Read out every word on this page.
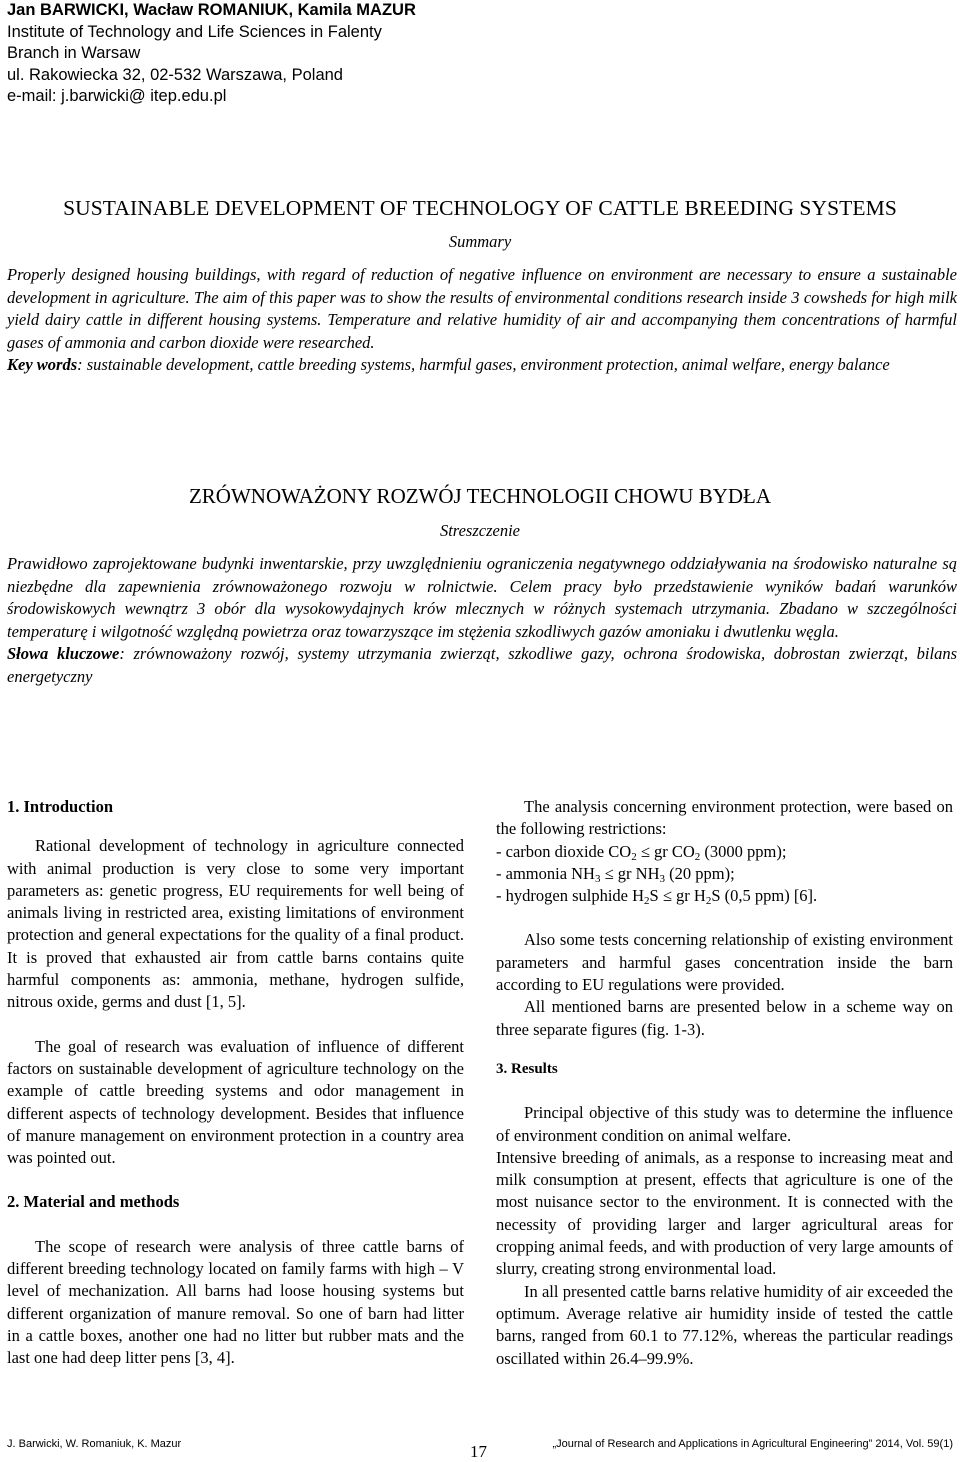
Jan BARWICKI, Wacław ROMANIUK, Kamila MAZUR
Institute of Technology and Life Sciences in Falenty
Branch in Warsaw
ul. Rakowiecka 32, 02-532 Warszawa, Poland
e-mail: j.barwicki@ itep.edu.pl
SUSTAINABLE DEVELOPMENT OF TECHNOLOGY OF CATTLE BREEDING SYSTEMS
Summary

Properly designed housing buildings, with regard of reduction of negative influence on environment are necessary to ensure a sustainable development in agriculture. The aim of this paper was to show the results of environmental conditions research inside 3 cowsheds for high milk yield dairy cattle in different housing systems. Temperature and relative humidity of air and accompanying them concentrations of harmful gases of ammonia and carbon dioxide were researched.

Key words: sustainable development, cattle breeding systems, harmful gases, environment protection, animal welfare, energy balance

ZRÓWNOWAŻONY ROZWÓJ TECHNOLOGII CHOWU BYDŁA
Streszczenie

Prawidłowo zaprojektowane budynki inwentarskie, przy uwzględnieniu ograniczenia negatywnego oddziaływania na środowisko naturalne są niezbędne dla zapewnienia zrównoważonego rozwoju w rolnictwie. Celem pracy było przedstawienie wyników badań warunków środowiskowych wewnątrz 3 obór dla wysokowydajnych krów mlecznych w różnych systemach utrzymania. Zbadano w szczególności temperaturę i wilgotność względną powietrza oraz towarzyszące im stężenia szkodliwych gazów amoniaku i dwutlenku węgla.

Słowa kluczowe: zrównoważony rozwój, systemy utrzymania zwierząt, szkodliwe gazy, ochrona środowiska, dobrostan zwierząt, bilans energetyczny

1. Introduction

Rational development of technology in agriculture connected with animal production is very close to some very important parameters as: genetic progress, EU requirements for well being of animals living in restricted area, existing limitations of environment protection and general expectations for the quality of a final product. It is proved that exhausted air from cattle barns contains quite harmful components as: ammonia, methane, hydrogen sulfide, nitrous oxide, germs and dust [1, 5].

The goal of research was evaluation of influence of different factors on sustainable development of agriculture technology on the example of cattle breeding systems and odor management in different aspects of technology development. Besides that influence of manure management on environment protection in a country area was pointed out.

2. Material and methods

The scope of research were analysis of three cattle barns of different breeding technology located on family farms with high – V level of mechanization. All barns had loose housing systems but different organization of manure removal. So one of barn had litter in a cattle boxes, another one had no litter but rubber mats and the last one had deep litter pens [3, 4].

The analysis concerning environment protection, were based on the following restrictions:

- carbon dioxide $CO_2$ ≤ gr $CO_2$ (3000 ppm);
- ammonia $NH_3$ ≤ gr $NH_3$ (20 ppm);
- hydrogen sulphide $H_2S$ ≤ gr $H_2S$ (0,5 ppm) [6].

Also some tests concerning relationship of existing environment parameters and harmful gases concentration inside the barn according to EU regulations were provided.

All mentioned barns are presented below in a scheme way on three separate figures (fig. 1-3).

3. Results

Principal objective of this study was to determine the influence of environment condition on animal welfare.

Intensive breeding of animals, as a response to increasing meat and milk consumption at present, effects that agriculture is one of the most nuisance sector to the environment. It is connected with the necessity of providing larger and larger agricultural areas for cropping animal feeds, and with production of very large amounts of slurry, creating strong environmental load.

In all presented cattle barns relative humidity of air exceeded the optimum. Average relative air humidity inside of tested the cattle barns, ranged from 60.1 to 77.12%, whereas the particular readings oscillated within 26.4–99.9%.

J. Barwicki, W. Romaniuk, K. Mazur	17	„Journal of Research and Applications in Agricultural Engineering” 2014, Vol. 59(1)
